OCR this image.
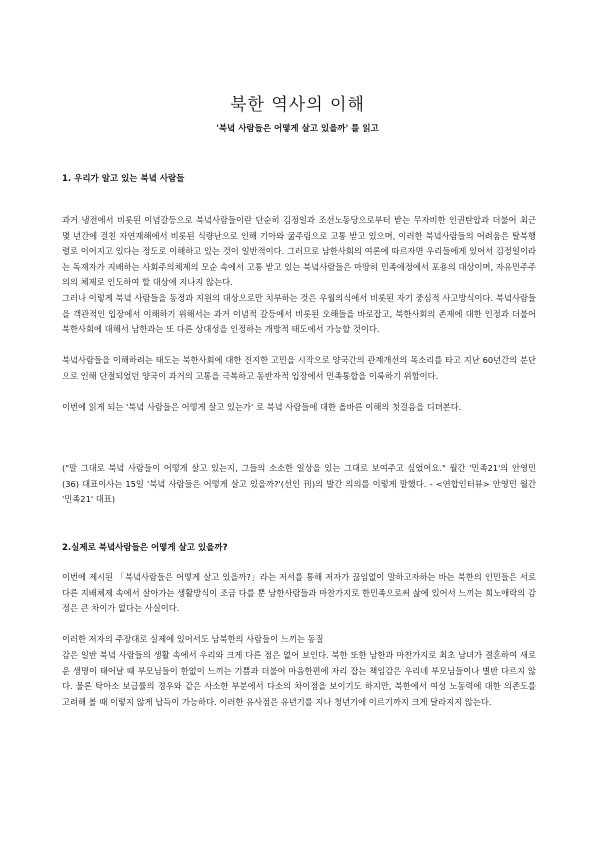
북한 역사의 이해
'북녘 사람들은 어떻게 살고 있을까' 를 읽고
1. 우리가 알고 있는 북녘 사람들

과거 냉전에서 비롯된 이념갈등으로 북녘사람들이란 단순히 김정일과 조선노동당으로부터 받는 무자비한 인권탄압과 더불어 최근 몇 년간에 걸친 자연재해에서 비롯된 식량난으로 인해 기아와 굶주림으로 고통 받고 있으며, 이러한 북녘사람들의 어려움은 탈북행렬로 이어지고 있다는 정도로 이해하고 있는 것이 일반적이다. 그러므로 남한사회의 여론에 따르자면 우리들에게 있어서 김정일이라는 독재자가 지배하는 사회주의체제의 모순 속에서 고통 받고 있는 북녘사람들은 마땅히 민족애정에서 포용의 대상이며, 자유민주주의의 체제로 인도하여 할 대상에 지나지 않는다.

그러나 이렇게 북녘 사람들을 동정과 지원의 대상으로만 치부하는 것은 우월의식에서 비롯된 자기 중심적 사고방식이다. 북녘사람들을 객관적인 입장에서 이해하기 위해서는 과거 이념적 갈등에서 비롯된 오해들을 바로잡고, 북한사회의 존재에 대한 인정과 더불어 북한사회에 대해서 남한과는 또 다른 상대성을 인정하는 개방적 태도에서 가능할 것이다.

북녘사람들을 이해하려는 태도는 북한사회에 대한 진지한 고민을 시작으로 양국간의 관계개선의 목소리를 타고 지난 60년간의 분단으로 인해 단절되었던 양국이 과거의 고통을 극복하고 동반자적 입장에서 민족통합을 이룩하기 위함이다.

이번에 읽게 되는 '북녘 사람들은 어떻게 살고 있는가' 로 북녘 사람들에 대한 올바른 이해의 첫걸음을 디뎌본다.

("말 그대로 북녘 사람들이 어떻게 살고 있는지, 그들의 소소한 일상을 있는 그대로 보여주고 싶었어요." 월간 '민족21'의 안영민(36) 대표이사는 15일 '북녘 사람들은 어떻게 살고 있을까?'(선인 刊)의 발간 의의를 이렇게 말했다. - <연합인터뷰> 안영민 월간 '민족21' 대표)

2.실제로 북녘사람들은 어떻게 살고 있을까?

이번에 제시된 「북녘사람들은 어떻게 살고 있을까?」라는 저서를 통해 저자가 끊임없이 말하고자하는 바는 북한의 인민들은 서로 다른 지배체제 속에서 살아가는 생활방식이 조금 다를 뿐 남한사람들과 마찬가지로 한민족으로써 삶에 있어서 느끼는 희노애락의 감정은 큰 차이가 없다는 사실이다.

이러한 저자의 주장대로 실제에 있어서도 남북한의 사람들이 느끼는 동질

감은 일반 북녘 사람들의 생활 속에서 우리와 크게 다른 점은 없어 보인다. 북한 또한 남한과 마찬가지로 최초 남녀가 결혼하여 새로운 생명이 태어날 때 부모님들이 한없이 느끼는 기쁨과 더불어 마음한편에 자리 잡는 책임감은 우리네 부모님들이나 별반 다르지 않다. 물론 탁아소 보급률의 경우와 같은 사소한 부분에서 다소의 차이점을 보이기도 하지만, 북한에서 여성 노동력에 대한 의존도를 고려해 볼 때 이렇지 않게 납득이 가능하다. 이러한 유사점은 유년기를 지나 청년기에 이르기까지 크게 달라지지 않는다.
